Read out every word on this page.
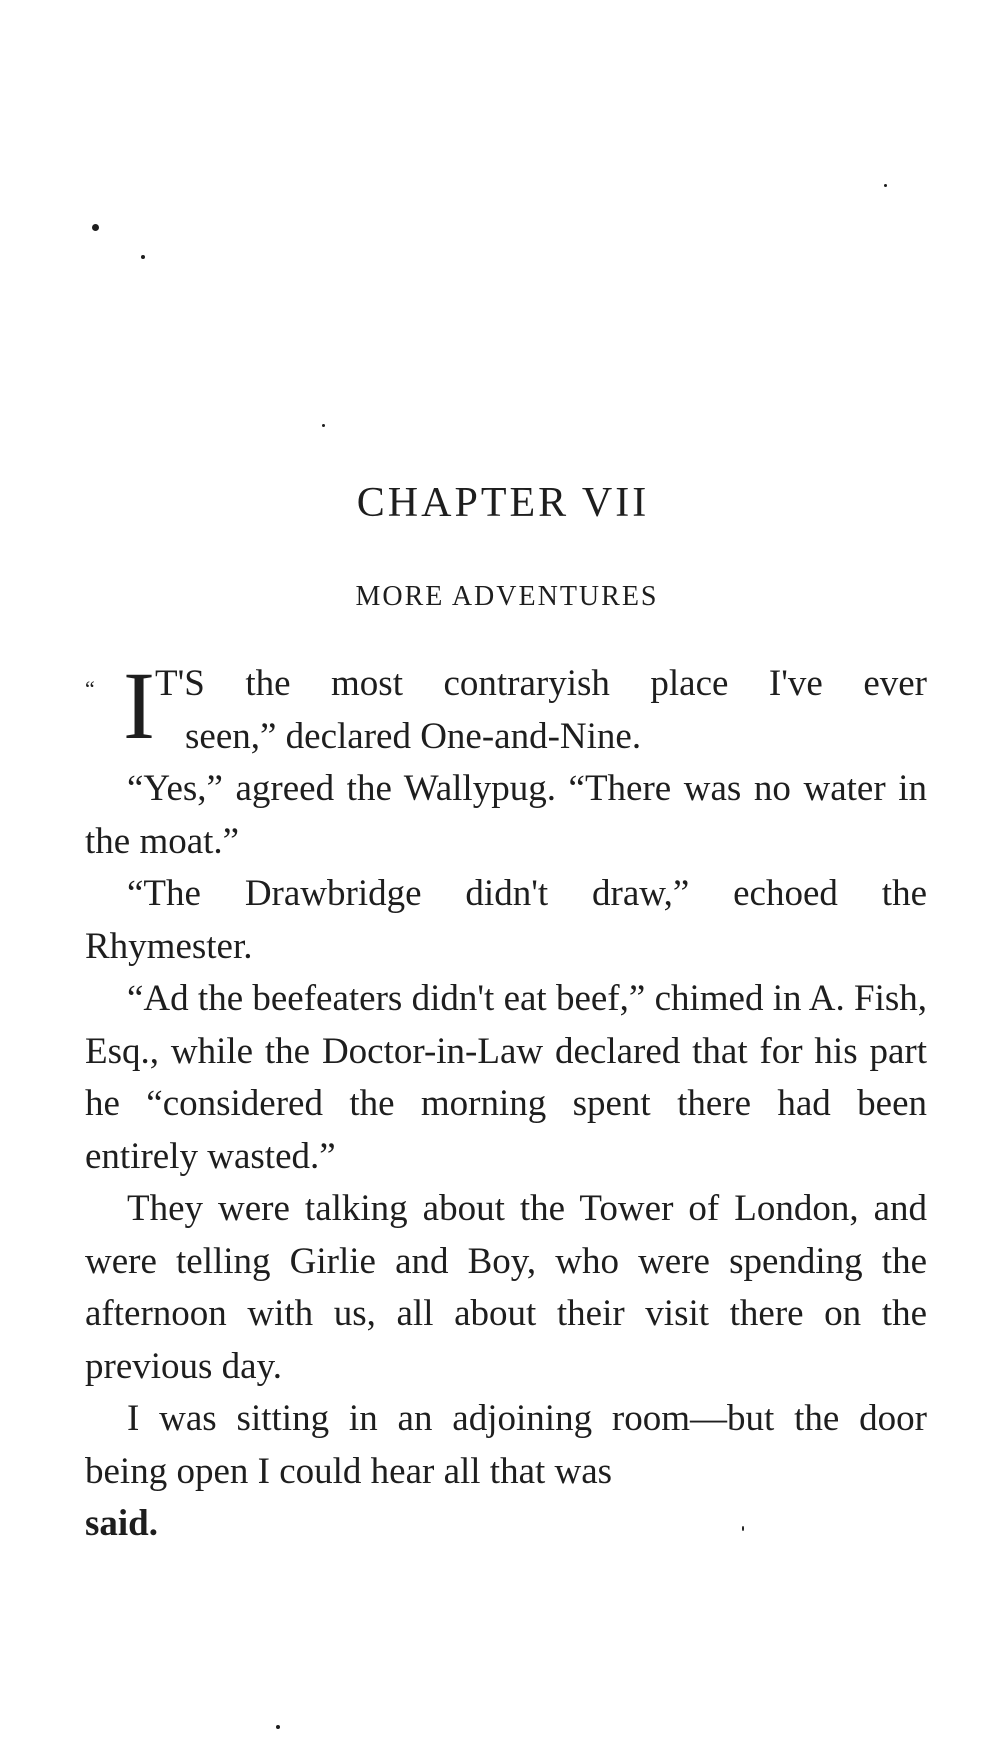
CHAPTER VII
MORE ADVENTURES
“ I T'S the most contraryish place I've ever
seen,” declared One-and-Nine.

“Yes,” agreed the Wallypug. “There was no water in the moat.”

“The Drawbridge didn't draw,” echoed the Rhymester.

“Ad the beefeaters didn't eat beef,” chimed in A. Fish, Esq., while the Doctor-in-Law declared that for his part he “considered the morning spent there had been entirely wasted.”

They were talking about the Tower of London, and were telling Girlie and Boy, who were spending the afternoon with us, all about their visit there on the previous day.

I was sitting in an adjoining room—but the door being open I could hear all that was
said.
